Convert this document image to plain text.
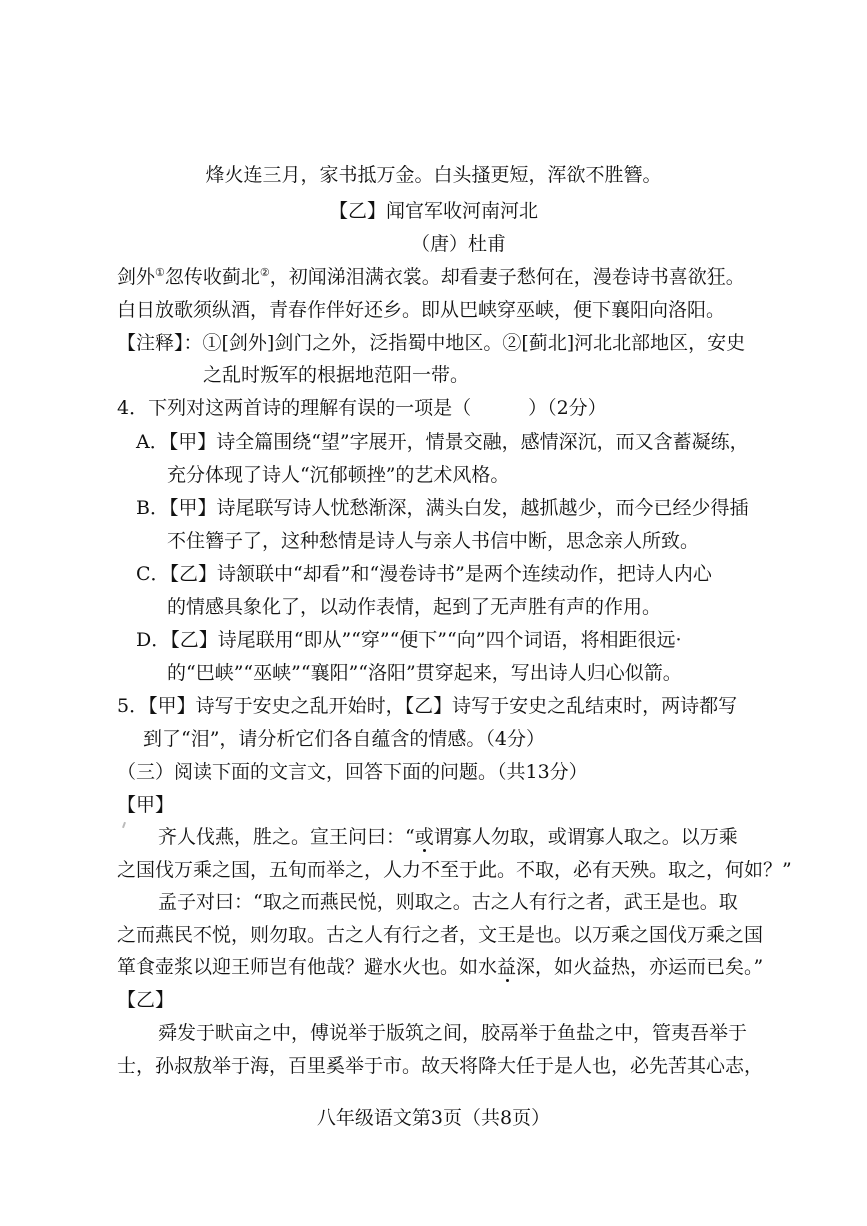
烽火连三月，家书抵万金。白头搔更短，浑欲不胜簪。
【乙】闻官军收河南河北
（唐）杜甫
剑外①忽传收蓟北②，初闻涕泪满衣裳。却看妻子愁何在，漫卷诗书喜欲狂。
白日放歌须纵酒，青春作伴好还乡。即从巴峡穿巫峡，便下襄阳向洛阳。
【注释】：①[剑外]剑门之外，泛指蜀中地区。②[蓟北]河北北部地区，安史
之乱时叛军的根据地范阳一带。
4．下列对这两首诗的理解有误的一项是（　　　）（2分）
A．【甲】诗全篇围绕“望”字展开，情景交融，感情深沉，而又含蓄凝练，
充分体现了诗人“沉郁顿挫”的艺术风格。
B．【甲】诗尾联写诗人忧愁渐深，满头白发，越抓越少，而今已经少得插
不住簪子了，这种愁情是诗人与亲人书信中断，思念亲人所致。
C．【乙】诗颔联中“却看”和“漫卷诗书”是两个连续动作，把诗人内心
的情感具象化了，以动作表情，起到了无声胜有声的作用。
D．【乙】诗尾联用“即从”“穿”“便下”“向”四个词语，将相距很远·
的“巴峡”“巫峡”“襄阳”“洛阳”贯穿起来，写出诗人归心似箭。
5．【甲】诗写于安史之乱开始时，【乙】诗写于安史之乱结束时，两诗都写
到了“泪”，请分析它们各自蕴含的情感。（4分）
（三）阅读下面的文言文，回答下面的问题。（共13分）
【甲】
齐人伐燕，胜之。宣王问曰：“或谓寡人勿取，或谓寡人取之。以万乘
之国伐万乘之国，五旬而举之，人力不至于此。不取，必有天殃。取之，何如？”
孟子对曰：“取之而燕民悦，则取之。古之人有行之者，武王是也。取
之而燕民不悦，则勿取。古之人有行之者，文王是也。以万乘之国伐万乘之国
箪食壶浆以迎王师岂有他哉？避水火也。如水益深，如火益热，亦运而已矣。”
【乙】
舜发于畎亩之中，傅说举于版筑之间，胶鬲举于鱼盐之中，管夷吾举于
士，孙叔敖举于海，百里奚举于市。故天将降大任于是人也，必先苦其心志，
八年级语文第3页（共8页）
